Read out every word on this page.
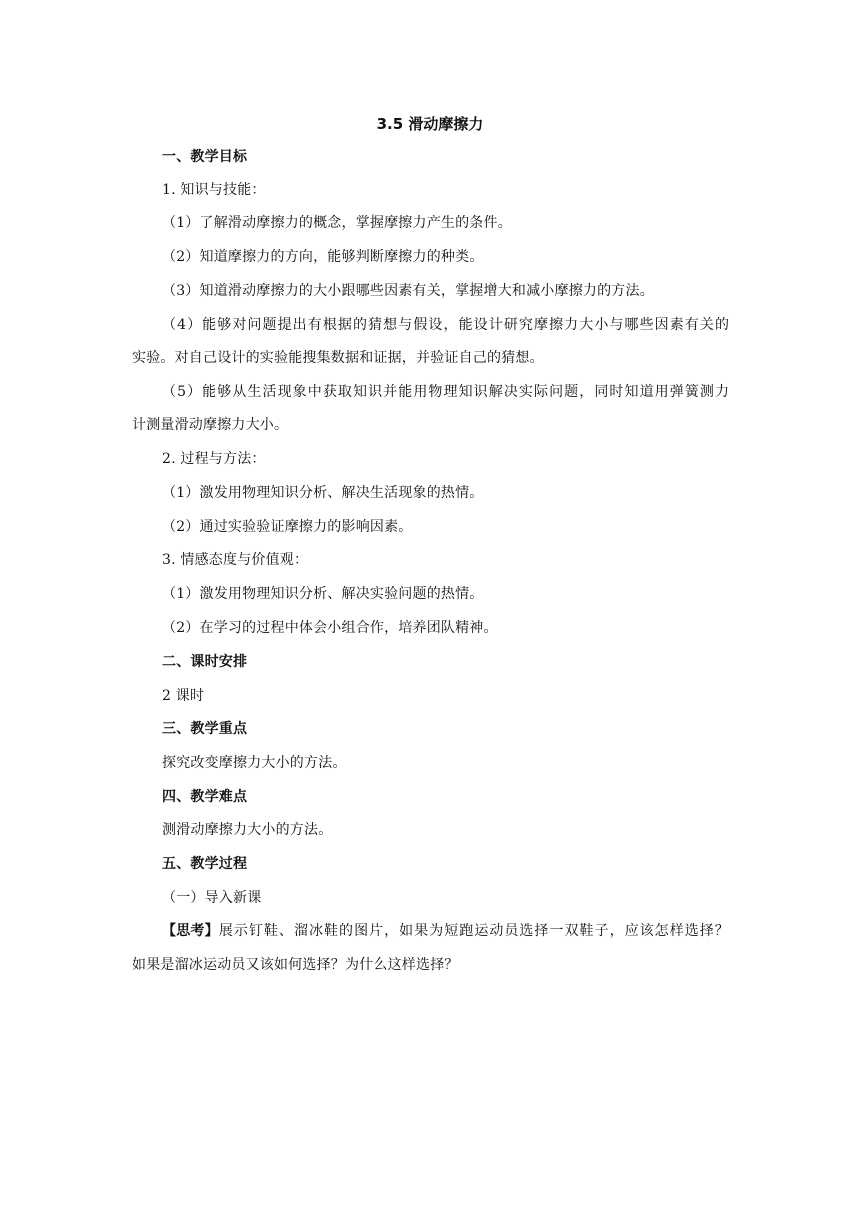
3.5 滑动摩擦力
一、教学目标
1. 知识与技能：
（1）了解滑动摩擦力的概念，掌握摩擦力产生的条件。
（2）知道摩擦力的方向，能够判断摩擦力的种类。
（3）知道滑动摩擦力的大小跟哪些因素有关，掌握增大和减小摩擦力的方法。
（4）能够对问题提出有根据的猜想与假设，能设计研究摩擦力大小与哪些因素有关的
实验。对自己设计的实验能搜集数据和证据，并验证自己的猜想。
（5）能够从生活现象中获取知识并能用物理知识解决实际问题，同时知道用弹簧测力
计测量滑动摩擦力大小。
2. 过程与方法：
（1）激发用物理知识分析、解决生活现象的热情。
（2）通过实验验证摩擦力的影响因素。
3. 情感态度与价值观：
（1）激发用物理知识分析、解决实验问题的热情。
（2）在学习的过程中体会小组合作，培养团队精神。
二、课时安排
2 课时
三、教学重点
探究改变摩擦力大小的方法。
四、教学难点
测滑动摩擦力大小的方法。
五、教学过程
（一）导入新课
【思考】 展示钉鞋、溜冰鞋的图片，如果为短跑运动员选择一双鞋子，应该怎样选择？
如果是溜冰运动员又该如何选择？为什么这样选择？
